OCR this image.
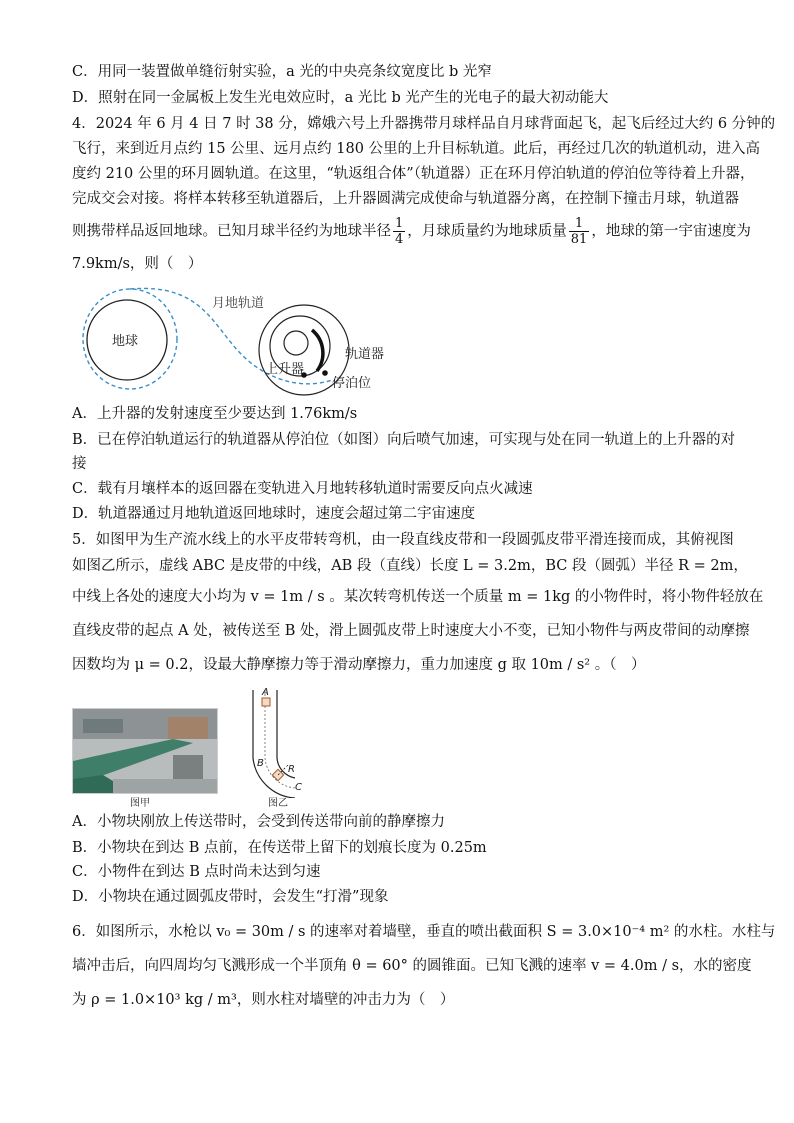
C．用同一装置做单缝衍射实验，a 光的中央亮条纹宽度比 b 光窄
D．照射在同一金属板上发生光电效应时，a 光比 b 光产生的光电子的最大初动能大
4．2024 年 6 月 4 日 7 时 38 分，嫦娥六号上升器携带月球样品自月球背面起飞，起飞后经过大约 6 分钟的
飞行，来到近月点约 15 公里、远月点约 180 公里的上升目标轨道。此后，再经过几次的轨道机动，进入高
度约 210 公里的环月圆轨道。在这里，“轨返组合体”（轨道器）正在环月停泊轨道的停泊位等待着上升器，
完成交会对接。将样本转移至轨道器后，上升器圆满完成使命与轨道器分离，在控制下撞击月球，轨道器
则携带样品返回地球。已知月球半径约为地球半径 $\frac{1}{4}$ ，月球质量约为地球质量 $\frac{1}{81}$ ，地球的第一宇宙速度为
7.9km/s，则（　）
地球
月地轨道
轨道器
上升器
停泊位
A．上升器的发射速度至少要达到 1.76km/s
B．已在停泊轨道运行的轨道器从停泊位（如图）向后喷气加速，可实现与处在同一轨道上的上升器的对
接
C．载有月壤样本的返回器在变轨进入月地转移轨道时需要反向点火减速
D．轨道器通过月地轨道返回地球时，速度会超过第二宇宙速度
5．如图甲为生产流水线上的水平皮带转弯机，由一段直线皮带和一段圆弧皮带平滑连接而成，其俯视图
如图乙所示，虚线 ABC 是皮带的中线，AB 段（直线）长度 L = 3.2m，BC 段（圆弧）半径 R = 2m，
中线上各处的速度大小均为 v = 1m / s 。某次转弯机传送一个质量 m = 1kg 的小物件时，将小物件轻放在
直线皮带的起点 A 处，被传送至 B 处，滑上圆弧皮带上时速度大小不变，已知小物件与两皮带间的动摩擦
因数均为 μ = 0.2，设最大静摩擦力等于滑动摩擦力，重力加速度 g 取 10m / s² 。（　）
图甲
A
B
R
C
图乙
A．小物块刚放上传送带时，会受到传送带向前的静摩擦力
B．小物块在到达 B 点前，在传送带上留下的划痕长度为 0.25m
C．小物件在到达 B 点时尚未达到匀速
D．小物块在通过圆弧皮带时，会发生“打滑”现象
6．如图所示，水枪以 v₀ = 30m / s 的速率对着墙壁，垂直的喷出截面积 S = 3.0×10⁻⁴ m² 的水柱。水柱与
墙冲击后，向四周均匀飞溅形成一个半顶角 θ = 60° 的圆锥面。已知飞溅的速率 v = 4.0m / s，水的密度
为 ρ = 1.0×10³ kg / m³，则水柱对墙壁的冲击力为（　）
